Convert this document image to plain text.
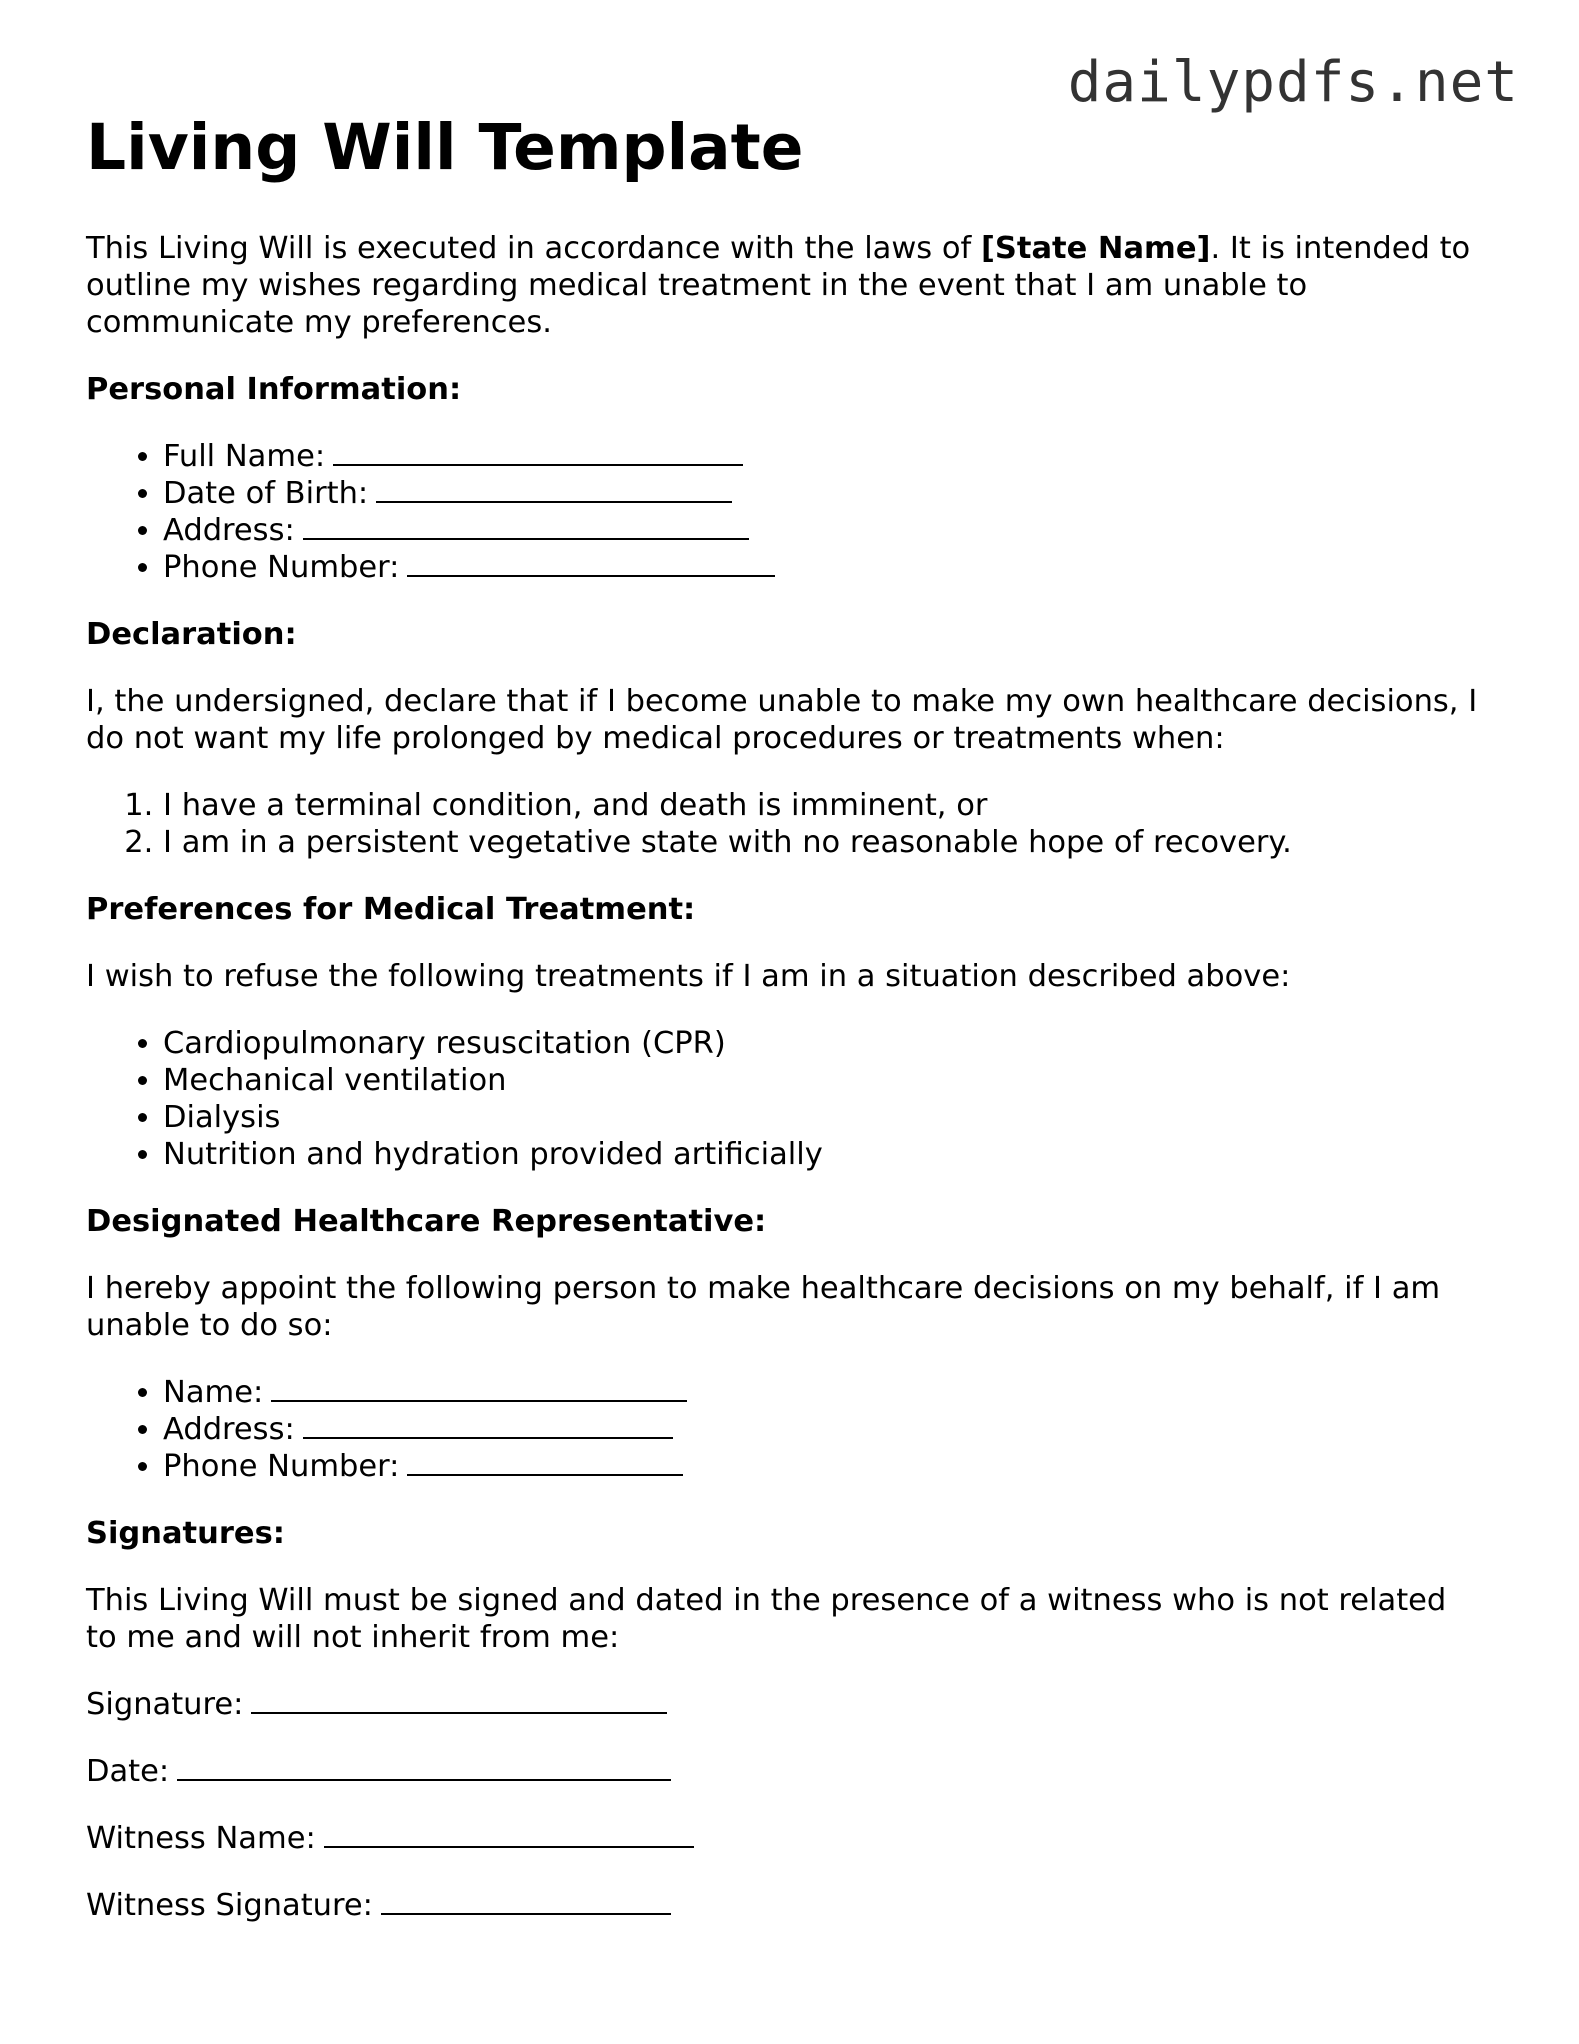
dailypdfs.net
Living Will Template

This Living Will is executed in accordance with the laws of [State Name]. It is intended to outline my wishes regarding medical treatment in the event that I am unable to communicate my preferences.

Personal Information:
• Full Name:
• Date of Birth:
• Address:
• Phone Number:
Declaration:

I, the undersigned, declare that if I become unable to make my own healthcare decisions, I do not want my life prolonged by medical procedures or treatments when:

1. I have a terminal condition, and death is imminent, or
2. I am in a persistent vegetative state with no reasonable hope of recovery.
Preferences for Medical Treatment:

I wish to refuse the following treatments if I am in a situation described above:

• Cardiopulmonary resuscitation (CPR)
• Mechanical ventilation
• Dialysis
• Nutrition and hydration provided artificially
Designated Healthcare Representative:

I hereby appoint the following person to make healthcare decisions on my behalf, if I am unable to do so:

• Name:
• Address:
• Phone Number:
Signatures:

This Living Will must be signed and dated in the presence of a witness who is not related to me and will not inherit from me:

Signature:
Date:
Witness Name:
Witness Signature:
